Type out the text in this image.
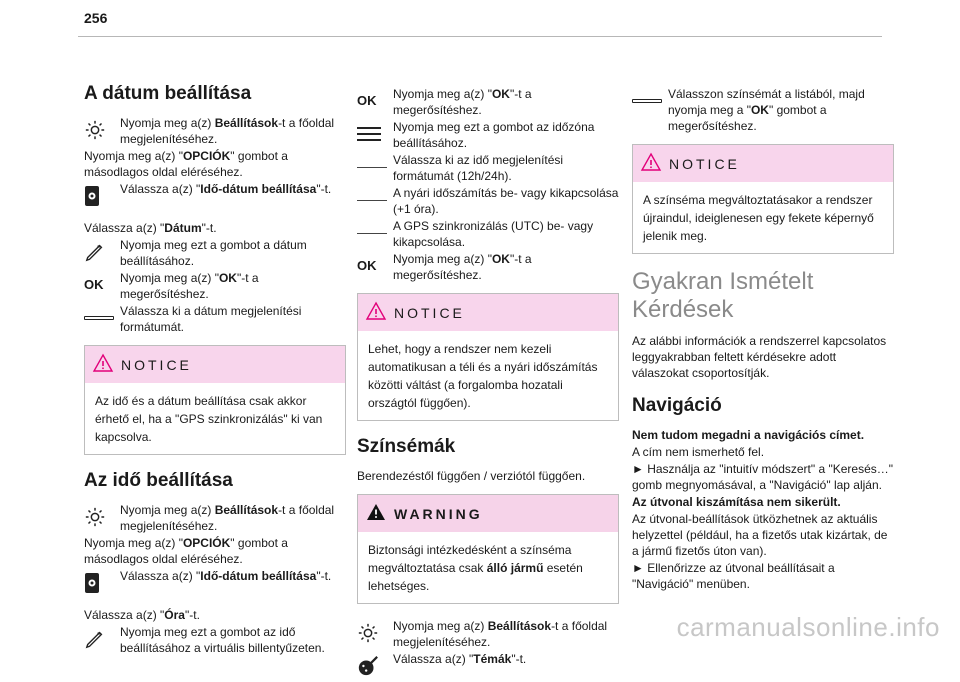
256
A dátum beállítása
Nyomja meg a(z) Beállítások-t a főoldal megjelenítéséhez.
Nyomja meg a(z) "OPCIÓK" gombot a másodlagos oldal eléréséhez.
Válassza a(z) "Idő-dátum beállítása"-t.
Válassza a(z) "Dátum"-t.
Nyomja meg ezt a gombot a dátum beállításához.
OK Nyomja meg a(z) "OK"-t a megerősítéshez.
Válassza ki a dátum megjelenítési formátumát.
NOTICE
Az idő és a dátum beállítása csak akkor érhető el, ha a "GPS szinkronizálás" ki van kapcsolva.
Az idő beállítása
Nyomja meg a(z) Beállítások-t a főoldal megjelenítéséhez.
Nyomja meg a(z) "OPCIÓK" gombot a másodlagos oldal eléréséhez.
Válassza a(z) "Idő-dátum beállítása"-t.
Válassza a(z) "Óra"-t.
Nyomja meg ezt a gombot az idő beállításához a virtuális billentyűzeten.
OK Nyomja meg a(z) "OK"-t a megerősítéshez.
Nyomja meg ezt a gombot az időzóna beállításához.
Válassza ki az idő megjelenítési formátumát (12h/24h).
A nyári időszámítás be- vagy kikapcsolása (+1 óra).
A GPS szinkronizálás (UTC) be- vagy kikapcsolása.
OK Nyomja meg a(z) "OK"-t a megerősítéshez.
NOTICE
Lehet, hogy a rendszer nem kezeli automatikusan a téli és a nyári időszámítás közötti váltást (a forgalomba hozatali országtól függően).
Színsémák
Berendezéstől függően / verziótól függően.
WARNING
Biztonsági intézkedésként a színséma megváltoztatása csak álló jármű esetén lehetséges.
Nyomja meg a(z) Beállítások-t a főoldal megjelenítéséhez.
Válassza a(z) "Témák"-t.
Válasszon színsémát a listából, majd nyomja meg a "OK" gombot a megerősítéshez.
NOTICE
A színséma megváltoztatásakor a rendszer újraindul, ideiglenesen egy fekete képernyő jelenik meg.
Gyakran Ismételt Kérdések
Az alábbi információk a rendszerrel kapcsolatos leggyakrabban feltett kérdésekre adott válaszokat csoportosítják.
Navigáció
Nem tudom megadni a navigációs címet.
A cím nem ismerhető fel.
► Használja az "intuitív módszert" a "Keresés…" gomb megnyomásával, a "Navigáció" lap alján.
Az útvonal kiszámítása nem sikerült.
Az útvonal-beállítások ütközhetnek az aktuális helyzettel (például, ha a fizetős utak kizártak, de a jármű fizetős úton van).
► Ellenőrizze az útvonal beállításait a "Navigáció" menüben.
carmanualsonline.info
